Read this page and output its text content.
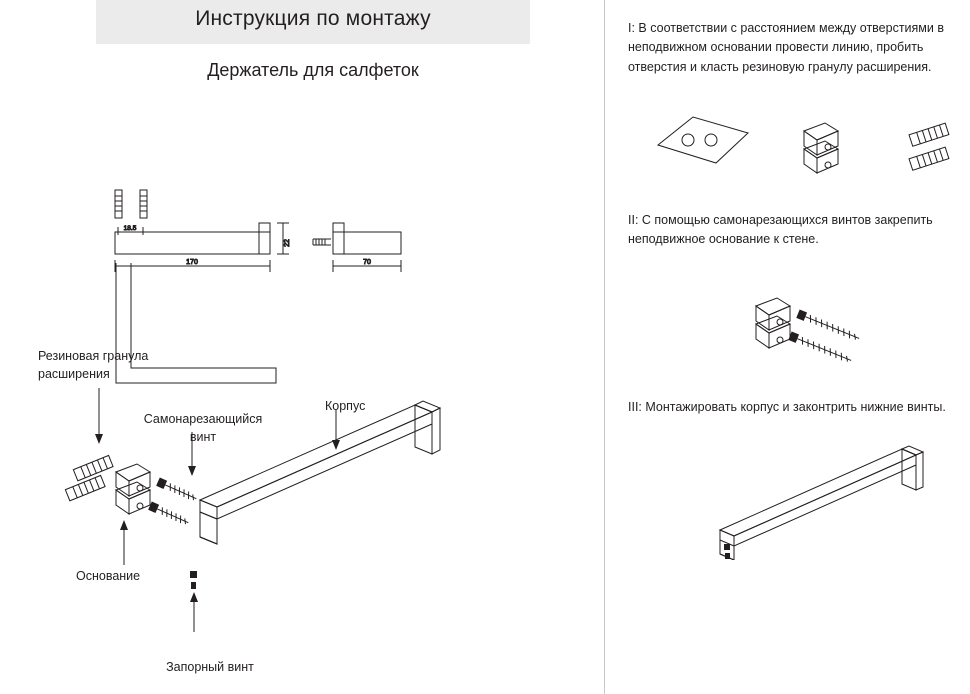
Инструкция по монтажу
Держатель для салфеток
170
22
70
18.5
Резиновая гранула расширения
Самонарезающийся винт
Корпус
Основание
Запорный винт
I: В соответствии с расстоянием между отверстиями в неподвижном основании провести линию, пробить отверстия и класть резиновую гранулу расширения.
II: С помощью самонарезающихся винтов закрепить неподвижное основание к стене.
III: Монтажировать корпус и законтрить нижние винты.
